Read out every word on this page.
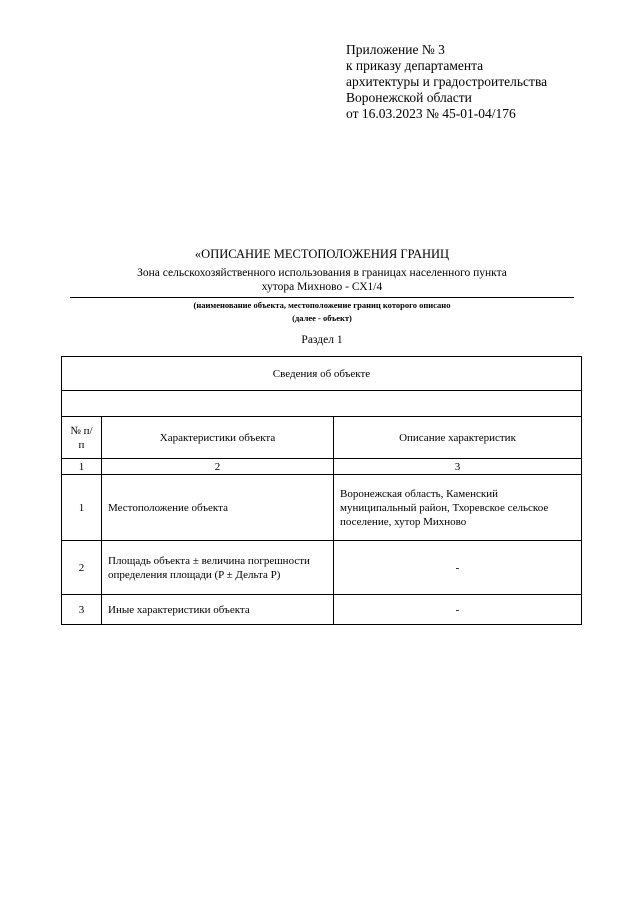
Приложение № 3
к приказу департамента
архитектуры и градостроительства
Воронежской области
от 16.03.2023 № 45-01-04/176
«ОПИСАНИЕ МЕСТОПОЛОЖЕНИЯ ГРАНИЦ
Зона сельскохозяйственного использования в границах населенного пункта
хутора Михново - СХ1/4
(наименование объекта, местоположение границ которого описано
(далее - объект)
Раздел 1
Сведения об объекте		

№ п/п	Характеристики объекта	Описание характеристик
1	2	3
1	Местоположение объекта	Воронежская область, Каменский муниципальный район, Тхоревское сельское поселение, хутор Михново
2	Площадь объекта ± величина погрешности определения площади (P ± Дельта P)	-
3	Иные характеристики объекта	-
